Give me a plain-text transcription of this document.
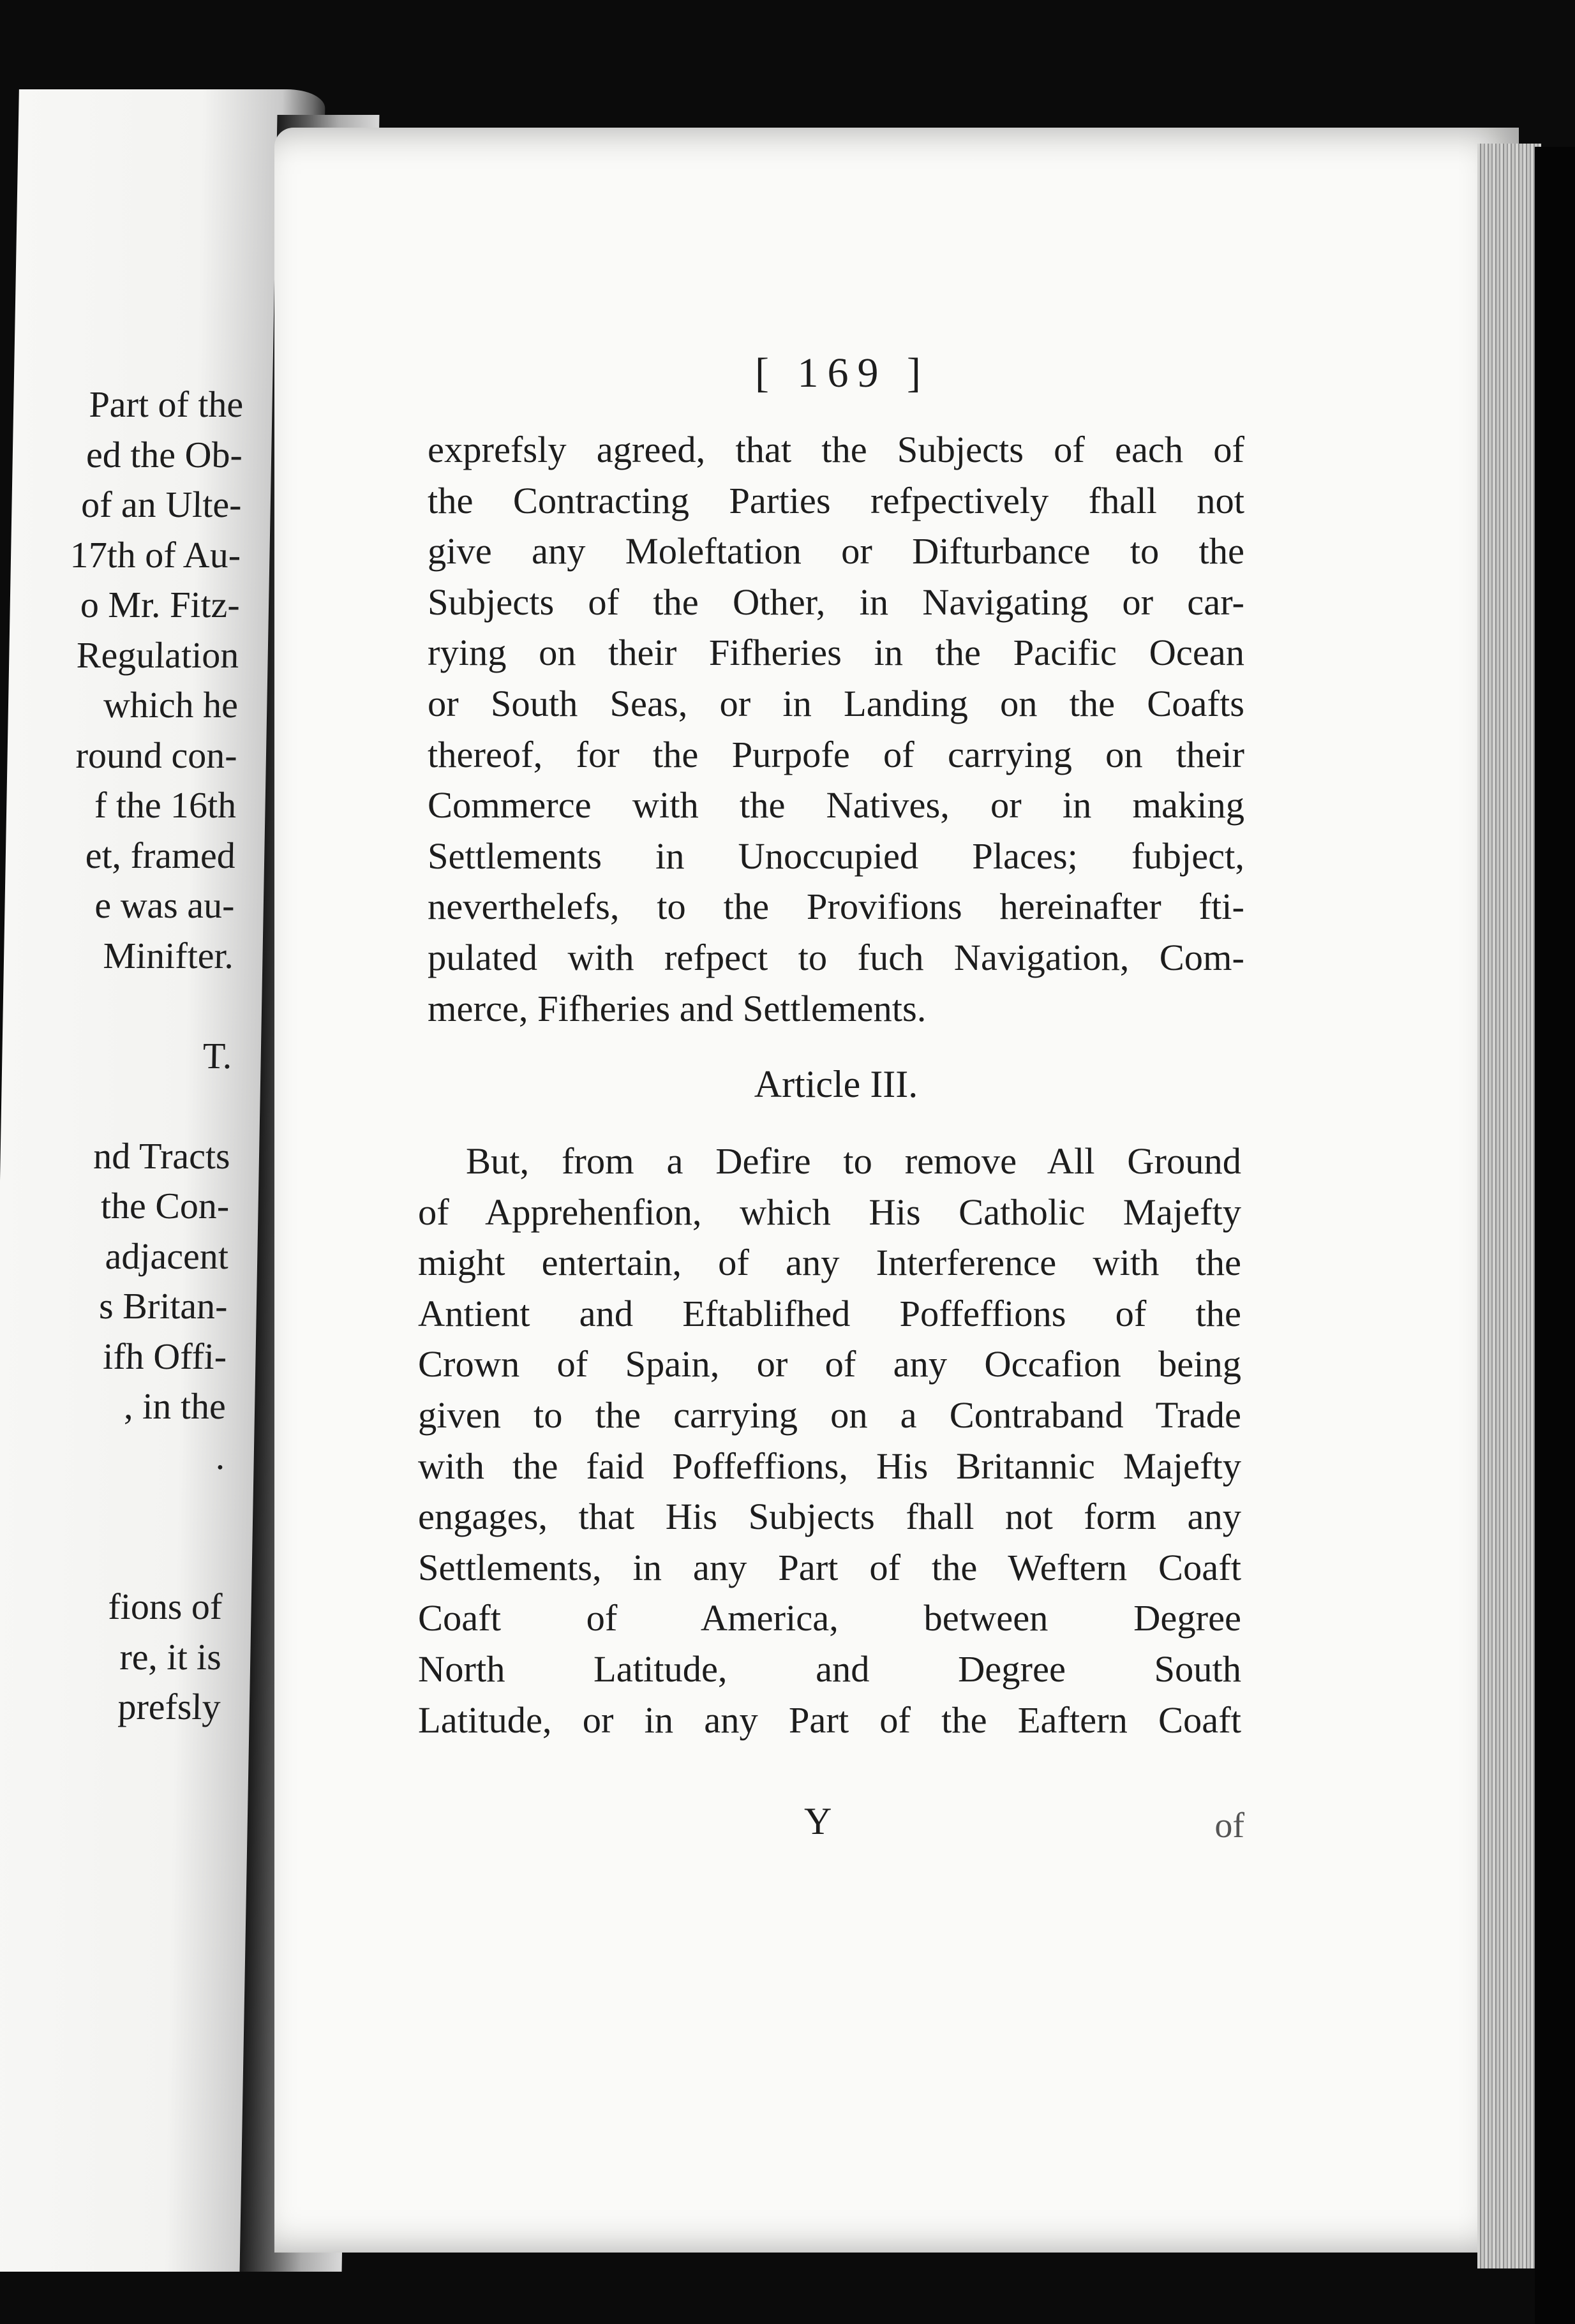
Part of the
ed the Ob-
of an Ulte-
17th of Au-
o Mr. Fitz-
Regulation
which he
round con-
f the 16th
et, framed
e was au-
Minifter.

T.

nd Tracts
the Con-
adjacent
s Britan-
ifh Offi-
, in the
.

fions of
re, it is
prefsly
[ 169 ]
exprefsly agreed, that the Subjects of each of
the Contracting Parties refpectively fhall not
give any Moleftation or Difturbance to the
Subjects of the Other, in Navigating or car-
rying on their Fifheries in the Pacific Ocean
or South Seas, or in Landing on the Coafts
thereof, for the Purpofe of carrying on their
Commerce with the Natives, or in making
Settlements in Unoccupied Places; fubject,
neverthelefs, to the Provifions hereinafter fti-
pulated with refpect to fuch Navigation, Com-
merce, Fifheries and Settlements.
Article III.
But, from a Defire to remove All Ground
of Apprehenfion, which His Catholic Majefty
might entertain, of any Interference with the
Antient and Eftablifhed Poffeffions of the
Crown of Spain, or of any Occafion being
given to the carrying on a Contraband Trade
with the faid Poffeffions, His Britannic Majefty
engages, that His Subjects fhall not form any
Settlements, in any Part of the Weftern Coaft
Coaft of America, between Degree
North Latitude, and Degree South
Latitude, or in any Part of the Eaftern Coaft
Y	of
